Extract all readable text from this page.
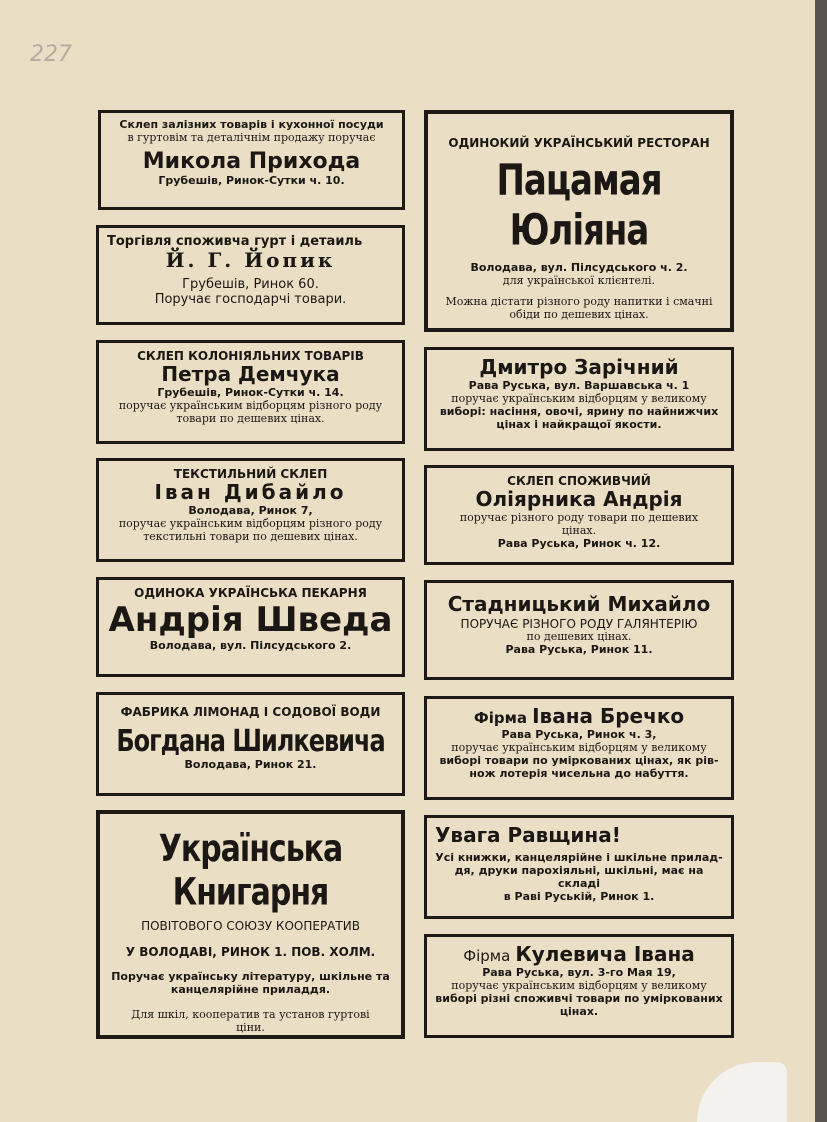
227
Склеп залізних товарів і кухонної посуди
в гуртовім та деталічнім продажу поручає
Микола Прихода
Грубешів, Ринок-Сутки ч. 10.
Торгівля споживча гурт і детаиль
Й. Г. Йопик
Грубешів, Ринок 60.
Поручає господарчі товари.
СКЛЕП КОЛОНІЯЛЬНИХ ТОВАРІВ
Петра Демчука
Грубешів, Ринок-Сутки ч. 14.
поручає українським відборцям різного роду
товари по дешевих цінах.
ТЕКСТИЛЬНИЙ СКЛЕП
Іван Дибайло
Володава, Ринок 7,
поручає українським відборцям різного роду
текстильні товари по дешевих цінах.
ОДИНОКА УКРАЇНСЬКА ПЕКАРНЯ
Андрія Шведа
Володава, вул. Пілсудського 2.
ФАБРИКА ЛІМОНАД І СОДОВОЇ ВОДИ
Богдана Шилкевича
Володава, Ринок 21.
Українська Книгарня
ПОВІТОВОГО СОЮЗУ КООПЕРАТИВ
У ВОЛОДАВІ, РИНОК 1. ПОВ. ХОЛМ.
Поручає українську літературу, шкільне та
канцелярійне приладдя.
Для шкіл, кооператив та установ гуртові
ціни.
ОДИНОКИЙ УКРАЇНСЬКИЙ РЕСТОРАН
Пацамая Юліяна
Володава, вул. Пілсудського ч. 2.
для української клієнтелі.
Можна дістати різного роду напитки і смачні
обіди по дешевих цінах.
Дмитро Зарічний
Рава Руська, вул. Варшавська ч. 1
поручає українським відборцям у великому
виборі: насіння, овочі, ярину по найнижчих
цінах і найкращої якости.
СКЛЕП СПОЖИВЧИЙ
Оліярника Андрія
поручає різного роду товари по дешевих
цінах.
Рава Руська, Ринок ч. 12.
Стадницький Михайло
ПОРУЧАЄ РІЗНОГО РОДУ ГАЛЯНТЕРІЮ
по дешевих цінах.
Рава Руська, Ринок 11.
Фірма Івана Бречко
Рава Руська, Ринок ч. 3,
поручає українським відборцям у великому
виборі товари по уміркованих цінах, як рів-
нож лотерія чисельна до набуття.
Увага Равщина!
Усі книжки, канцелярійне і шкільне прилад-
дя, друки парохіяльні, шкільні, має на складі
в Раві Руській, Ринок 1.
Фірма Кулевича Івана
Рава Руська, вул. 3-го Мая 19,
поручає українським відборцям у великому
виборі різні споживчі товари по уміркованих
цінах.
